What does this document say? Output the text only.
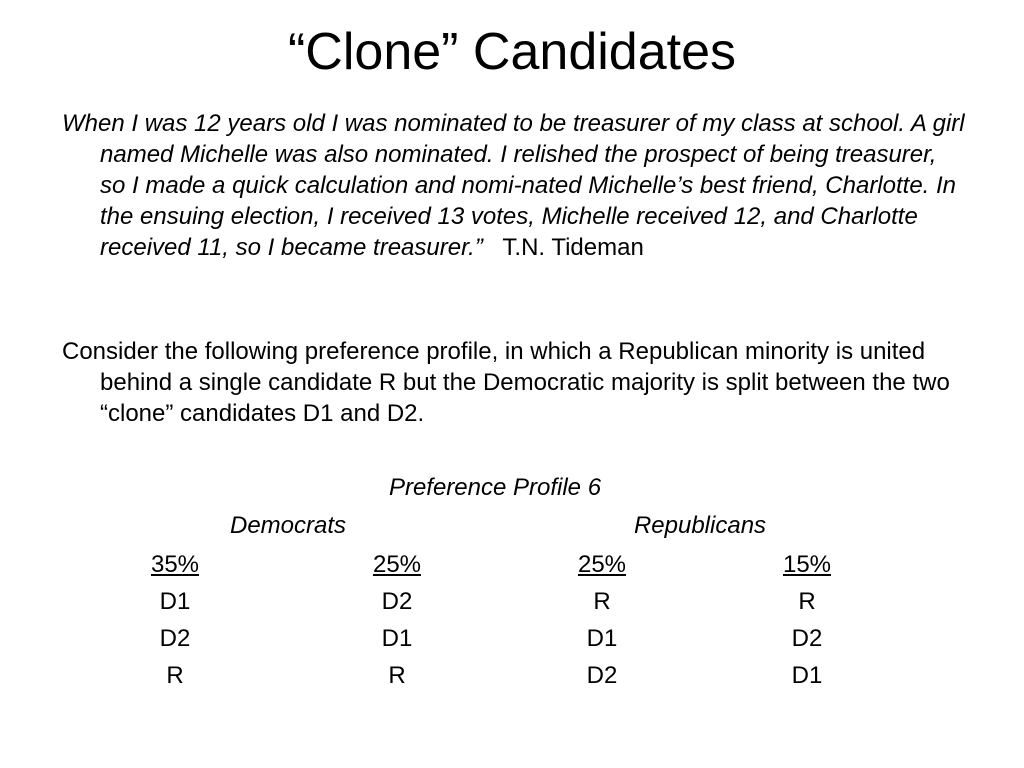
“Clone” Candidates

When I was 12 years old I was nominated to be treasurer of my class at school. A girl named Michelle was also nominated. I relished the prospect of being treasurer, so I made a quick calculation and nomi-nated Michelle’s best friend, Charlotte. In the ensuing election, I received 13 votes, Michelle received 12, and Charlotte received 11, so I became treasurer.” T.N. Tideman

Consider the following preference profile, in which a Republican minority is united behind a single candidate R but the Democratic majority is split between the two “clone” candidates D1 and D2.

Preference Profile 6

Democrats	Republicans

35%
D1
D2
R
25%
D2
D1
R
25%
R
D1
D2
15%
R
D2
D1
